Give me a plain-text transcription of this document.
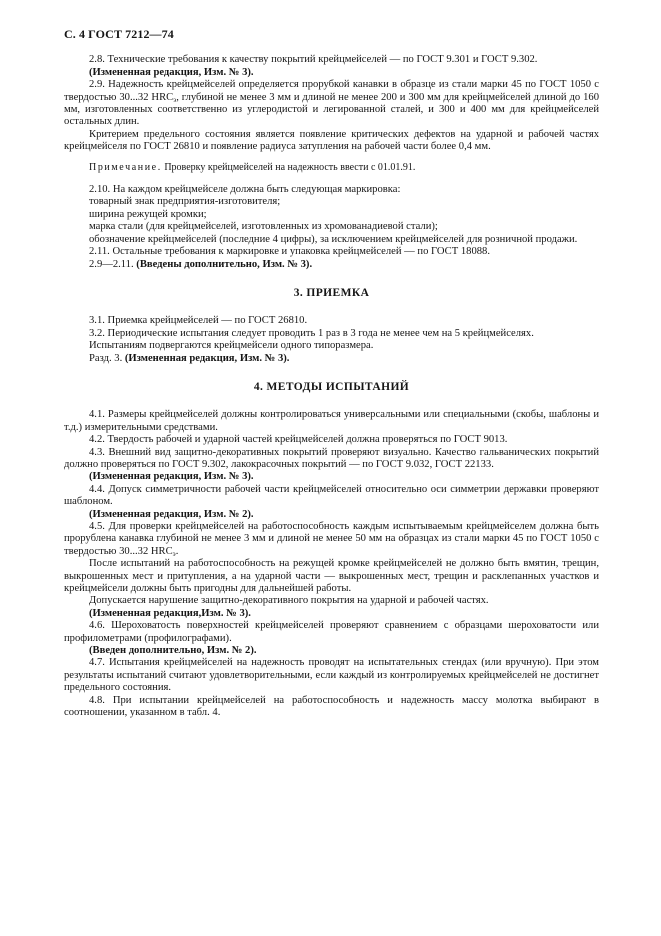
С. 4 ГОСТ 7212—74

2.8. Технические требования к качеству покрытий крейцмейселей — по ГОСТ 9.301 и ГОСТ 9.302.

(Измененная редакция, Изм. № 3).

2.9. Надежность крейцмейселей определяется прорубкой канавки в образце из стали марки 45 по ГОСТ 1050 с твердостью 30...32 $HRC_э$, глубиной не менее 3 мм и длиной не менее 200 и 300 мм для крейцмейселей длиной до 160 мм, изготовленных соответственно из углеродистой и легированной сталей, и 300 и 400 мм для крейцмейселей остальных длин.

Критерием предельного состояния является появление критических дефектов на ударной и рабочей частях крейцмейселя по ГОСТ 26810 и появление радиуса затупления на рабочей части более 0,4 мм.

Примечание. Проверку крейцмейселей на надежность ввести с 01.01.91.

2.10. На каждом крейцмейселе должна быть следующая маркировка:

товарный знак предприятия-изготовителя;

ширина режущей кромки;

марка стали (для крейцмейселей, изготовленных из хромованадиевой стали);

обозначение крейцмейселей (последние 4 цифры), за исключением крейцмейселей для розничной продажи.

2.11. Остальные требования к маркировке и упаковка крейцмейселей — по ГОСТ 18088.

2.9—2.11. (Введены дополнительно, Изм. № 3).

3. ПРИЕМКА

3.1. Приемка крейцмейселей — по ГОСТ 26810.

3.2. Периодические испытания следует проводить 1 раз в 3 года не менее чем на 5 крейцмейселях.

Испытаниям подвергаются крейцмейсели одного типоразмера.

Разд. 3. (Измененная редакция, Изм. № 3).

4. МЕТОДЫ ИСПЫТАНИЙ

4.1. Размеры крейцмейселей должны контролироваться универсальными или специальными (скобы, шаблоны и т.д.) измерительными средствами.

4.2. Твердость рабочей и ударной частей крейцмейселей должна проверяться по ГОСТ 9013.

4.3. Внешний вид защитно-декоративных покрытий проверяют визуально. Качество гальванических покрытий должно проверяться по ГОСТ 9.302, лакокрасочных покрытий — по ГОСТ 9.032, ГОСТ 22133.

(Измененная редакция, Изм. № 3).

4.4. Допуск симметричности рабочей части крейцмейселей относительно оси симметрии державки проверяют шаблоном.

(Измененная редакция, Изм. № 2).

4.5. Для проверки крейцмейселей на работоспособность каждым испытываемым крейцмейселем должна быть прорублена канавка глубиной не менее 3 мм и длиной не менее 50 мм на образцах из стали марки 45 по ГОСТ 1050 с твердостью 30...32 $HRC_э$.

После испытаний на работоспособность на режущей кромке крейцмейселей не должно быть вмятин, трещин, выкрошенных мест и притупления, а на ударной части — выкрошенных мест, трещин и расклепанных участков и крейцмейсели должны быть пригодны для дальнейшей работы.

Допускается нарушение защитно-декоративного покрытия на ударной и рабочей частях.

(Измененная редакция,Изм. № 3).

4.6. Шероховатость поверхностей крейцмейселей проверяют сравнением с образцами шероховатости или профилометрами (профилографами).

(Введен дополнительно, Изм. № 2).

4.7. Испытания крейцмейселей на надежность проводят на испытательных стендах (или вручную). При этом результаты испытаний считают удовлетворительными, если каждый из контролируемых крейцмейселей не достигнет предельного состояния.

4.8. При испытании крейцмейселей на работоспособность и надежность массу молотка выбирают в соотношении, указанном в табл. 4.
